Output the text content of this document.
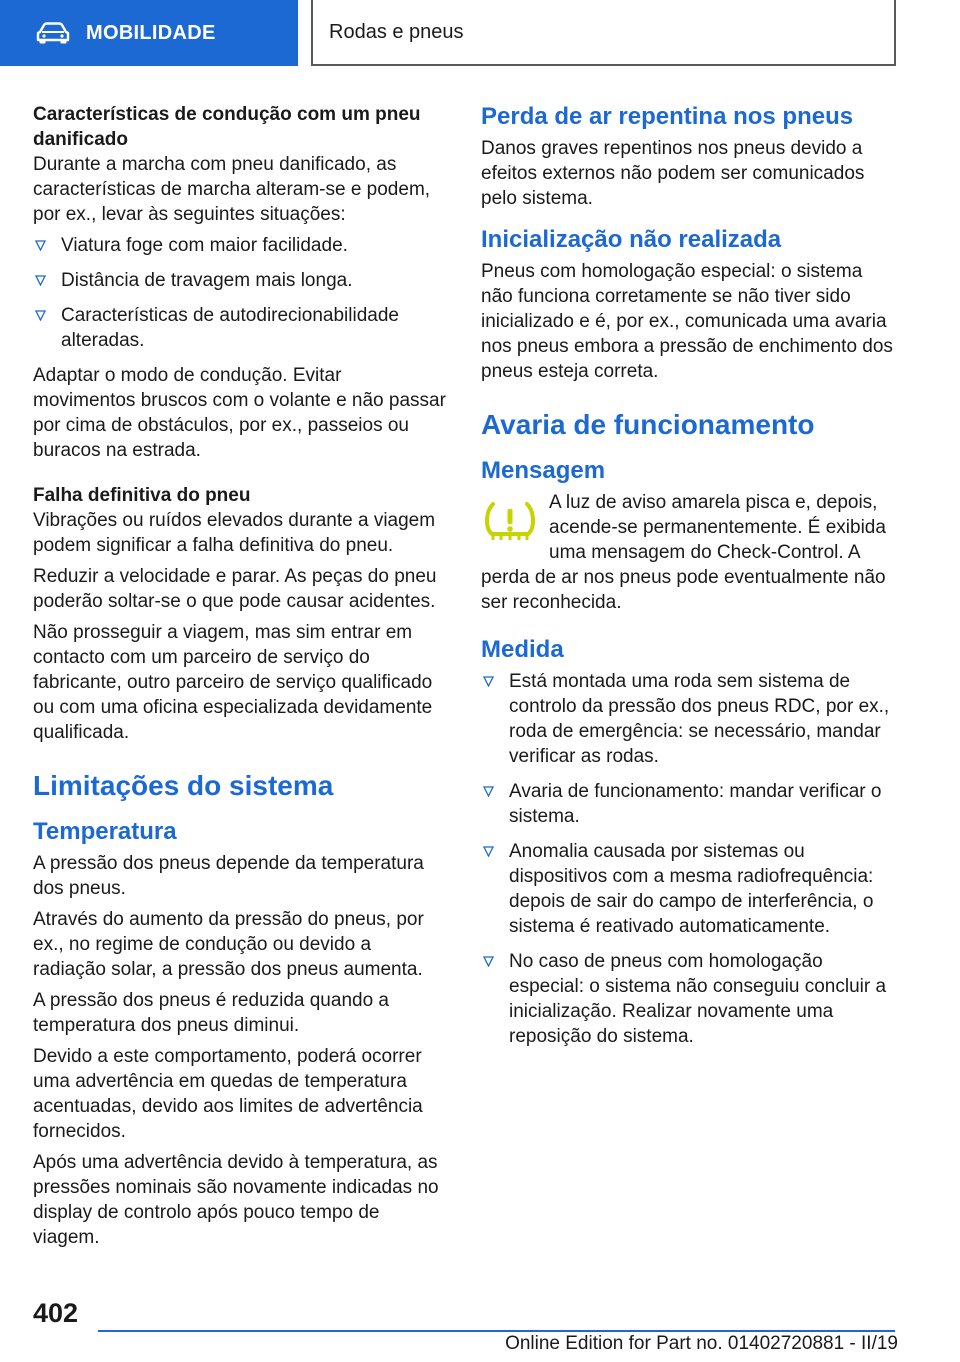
MOBILIDADE	Rodas e pneus
Características de condução com um pneu danificado

Durante a marcha com pneu danificado, as características de marcha alteram-se e podem, por ex., levar às seguintes situações:

Viatura foge com maior facilidade.
Distância de travagem mais longa.
Características de autodirecionabilidade alteradas.

Adaptar o modo de condução. Evitar movimentos bruscos com o volante e não passar por cima de obstáculos, por ex., passeios ou buracos na estrada.

Falha definitiva do pneu

Vibrações ou ruídos elevados durante a viagem podem significar a falha definitiva do pneu.

Reduzir a velocidade e parar. As peças do pneu poderão soltar-se o que pode causar acidentes.

Não prosseguir a viagem, mas sim entrar em contacto com um parceiro de serviço do fabricante, outro parceiro de serviço qualificado ou com uma oficina especializada devidamente qualificada.

Limitações do sistema
Temperatura

A pressão dos pneus depende da temperatura dos pneus.

Através do aumento da pressão do pneus, por ex., no regime de condução ou devido a radiação solar, a pressão dos pneus aumenta.

A pressão dos pneus é reduzida quando a temperatura dos pneus diminui.

Devido a este comportamento, poderá ocorrer uma advertência em quedas de temperatura acentuadas, devido aos limites de advertência fornecidos.

Após uma advertência devido à temperatura, as pressões nominais são novamente indicadas no display de controlo após pouco tempo de viagem.

Perda de ar repentina nos pneus

Danos graves repentinos nos pneus devido a efeitos externos não podem ser comunicados pelo sistema.

Inicialização não realizada

Pneus com homologação especial: o sistema não funciona corretamente se não tiver sido inicializado e é, por ex., comunicada uma avaria nos pneus embora a pressão de enchimento dos pneus esteja correta.

Avaria de funcionamento
Mensagem

A luz de aviso amarela pisca e, depois, acende-se permanentemente. É exibida uma mensagem do Check-Control. A perda de ar nos pneus pode eventualmente não ser reconhecida.

Medida
Está montada uma roda sem sistema de controlo da pressão dos pneus RDC, por ex., roda de emergência: se necessário, mandar verificar as rodas.
Avaria de funcionamento: mandar verificar o sistema.
Anomalia causada por sistemas ou dispositivos com a mesma radiofrequência: depois de sair do campo de interferência, o sistema é reativado automaticamente.
No caso de pneus com homologação especial: o sistema não conseguiu concluir a inicialização. Realizar novamente uma reposição do sistema.
402
Online Edition for Part no. 01402720881 - II/19
